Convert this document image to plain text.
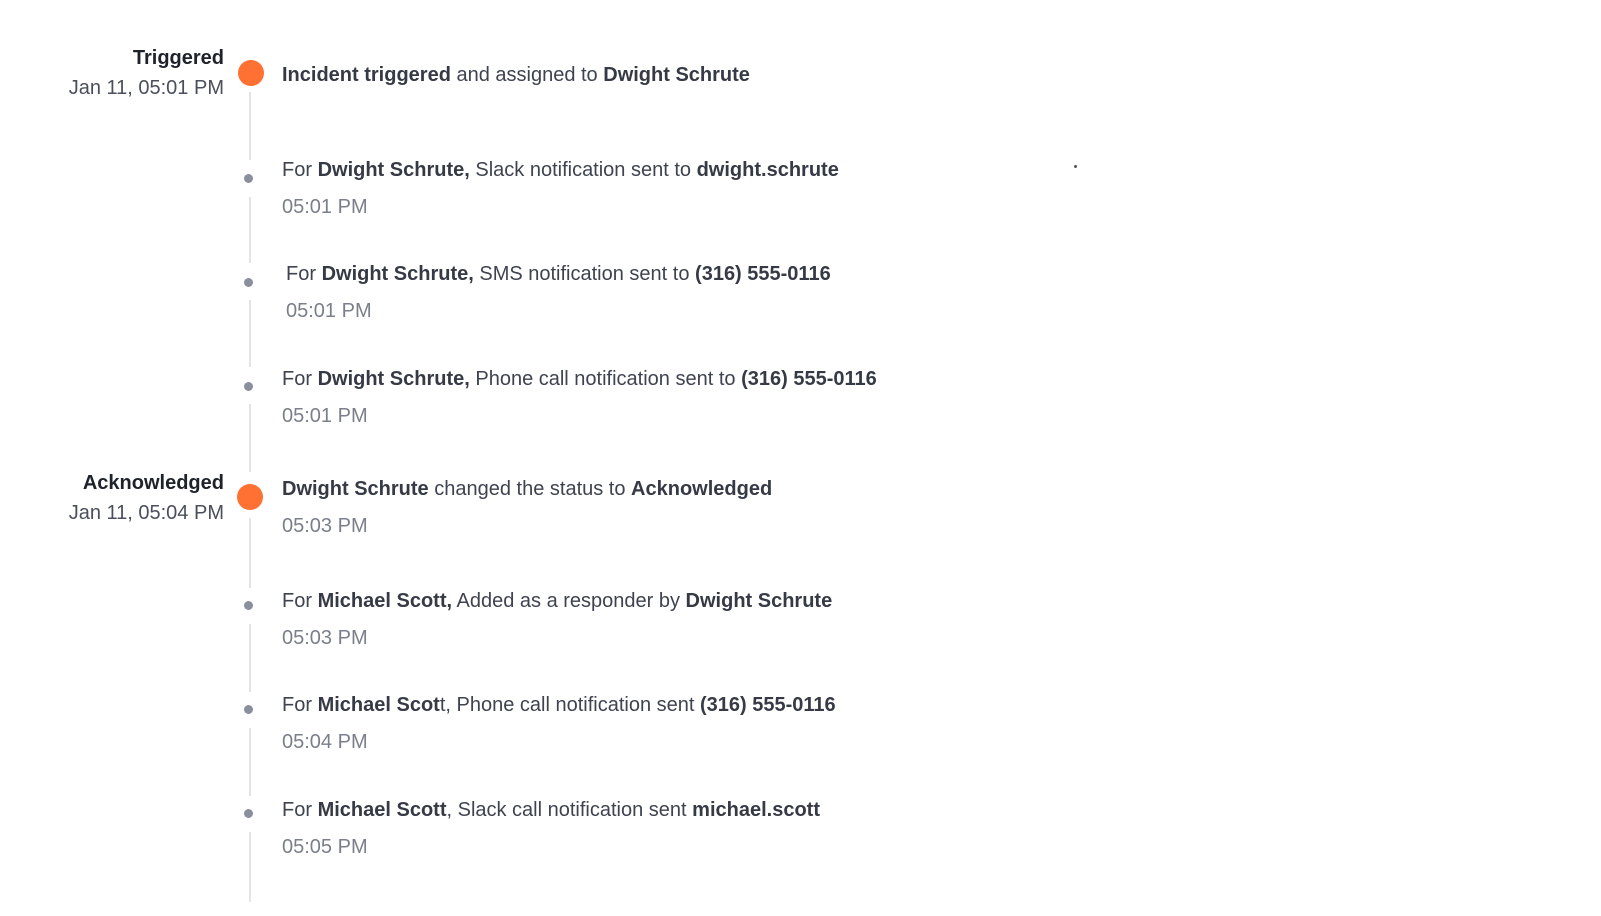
Triggered
Jan 11, 05:01 PM
Acknowledged
Jan 11, 05:04 PM
Incident triggered and assigned to Dwight Schrute
For Dwight Schrute, Slack notification sent to dwight.schrute
05:01 PM
For Dwight Schrute, SMS notification sent to (316) 555-0116
05:01 PM
For Dwight Schrute, Phone call notification sent to (316) 555-0116
05:01 PM
Dwight Schrute changed the status to Acknowledged
05:03 PM
For Michael Scott, Added as a responder by Dwight Schrute
05:03 PM
For Michael Scott, Phone call notification sent (316) 555-0116
05:04 PM
For Michael Scott, Slack call notification sent michael.scott
05:05 PM
